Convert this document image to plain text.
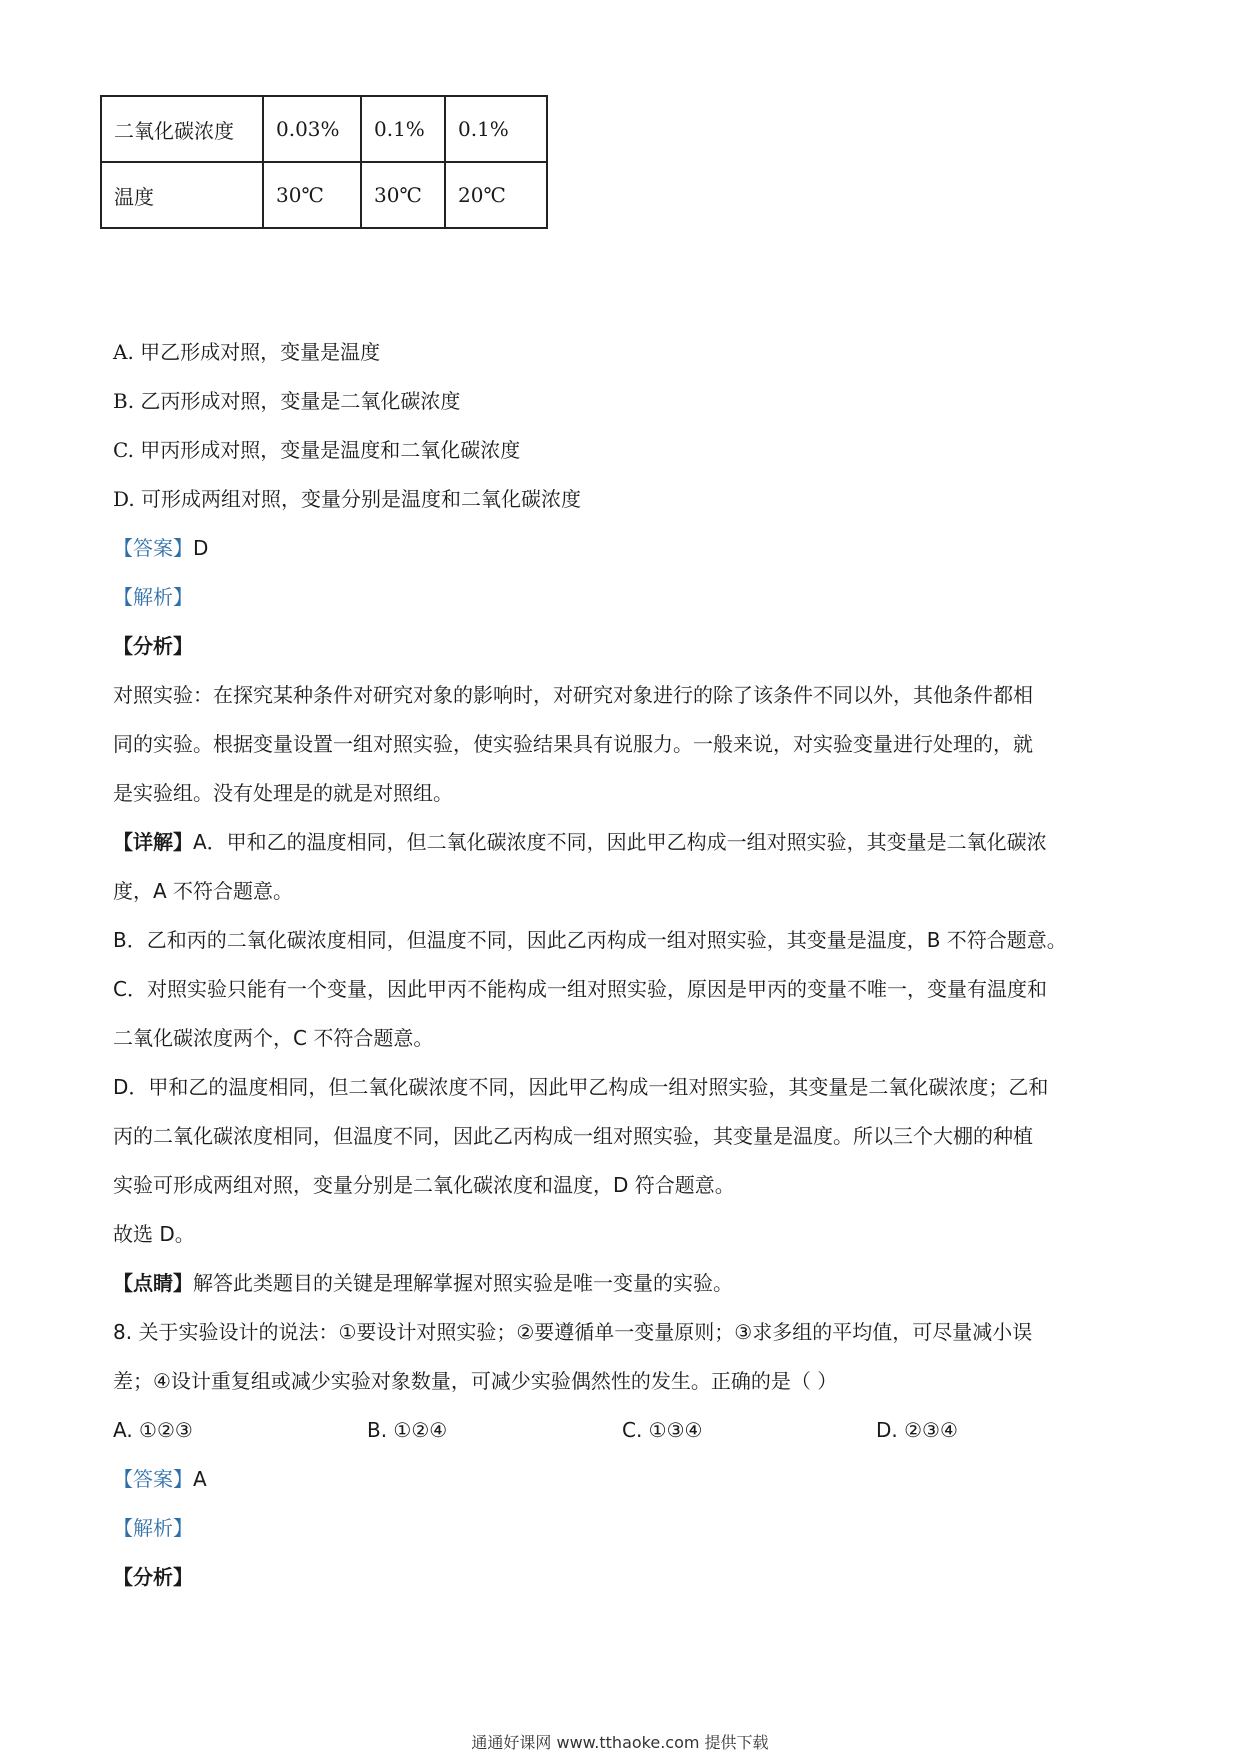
二氧化碳浓度	0.03%	0.1%	0.1%
温度	30℃	30℃	20℃
A. 甲乙形成对照，变量是温度
B. 乙丙形成对照，变量是二氧化碳浓度
C. 甲丙形成对照，变量是温度和二氧化碳浓度
D. 可形成两组对照，变量分别是温度和二氧化碳浓度
【答案】D
【解析】
【分析】
对照实验：在探究某种条件对研究对象的影响时，对研究对象进行的除了该条件不同以外，其他条件都相
同的实验。根据变量设置一组对照实验，使实验结果具有说服力。一般来说，对实验变量进行处理的，就
是实验组。没有处理是的就是对照组。
【详解】A．甲和乙的温度相同，但二氧化碳浓度不同，因此甲乙构成一组对照实验，其变量是二氧化碳浓
度，A 不符合题意。
B．乙和丙的二氧化碳浓度相同，但温度不同，因此乙丙构成一组对照实验，其变量是温度，B 不符合题意。
C．对照实验只能有一个变量，因此甲丙不能构成一组对照实验，原因是甲丙的变量不唯一，变量有温度和
二氧化碳浓度两个，C 不符合题意。
D．甲和乙的温度相同，但二氧化碳浓度不同，因此甲乙构成一组对照实验，其变量是二氧化碳浓度；乙和
丙的二氧化碳浓度相同，但温度不同，因此乙丙构成一组对照实验，其变量是温度。所以三个大棚的种植
实验可形成两组对照，变量分别是二氧化碳浓度和温度，D 符合题意。
故选 D。
【点睛】解答此类题目的关键是理解掌握对照实验是唯一变量的实验。
8. 关于实验设计的说法：①要设计对照实验；②要遵循单一变量原则；③求多组的平均值，可尽量减小误
差；④设计重复组或减少实验对象数量，可减少实验偶然性的发生。正确的是（ ）
A. ①②③	B. ①②④	C. ①③④	D. ②③④
【答案】A
【解析】
【分析】
通通好课网 www.tthaoke.com 提供下载
